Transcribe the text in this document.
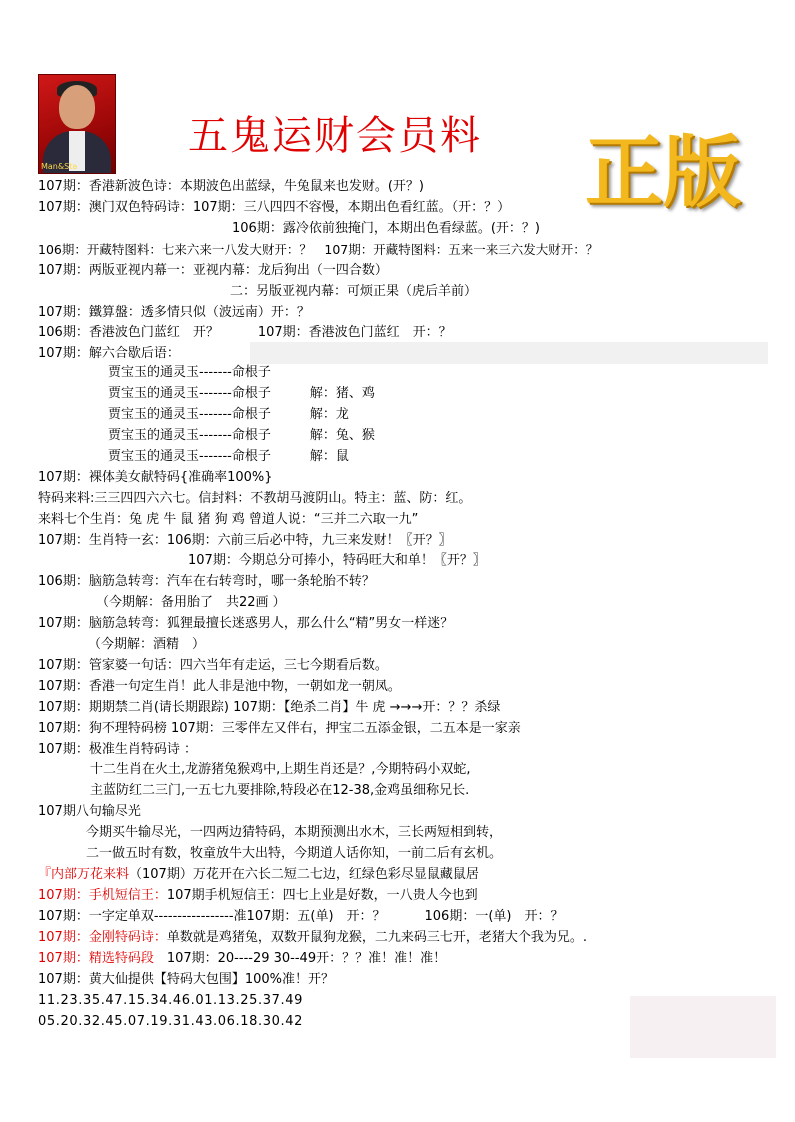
Man&Sta
五鬼运财会员料 正版
107期：香港新波色诗：本期波色出蓝绿，牛兔鼠来也发财。(开？)
107期：澳门双色特码诗：107期：三八四四不容慢，本期出色看红蓝。（开：？）
106期：露冷依前独掩门，本期出色看绿蓝。(开：？)
106期：开藏特图料：七来六来一八发大财开：？　107期：开藏特图料：五来一来三六发大财开：？
107期：两版亚视内幕一：亚视内幕：龙后狗出（一四合数）
二：另版亚视内幕：可烦正果（虎后羊前）
107期：鐵算盤：透多情只似（波远南）开：？
106期：香港波色门蓝红　开？　　　107期：香港波色门蓝红　开：？
107期：解六合歇后语：
贾宝玉的通灵玉-------命根子
贾宝玉的通灵玉-------命根子　　　解：猪、鸡
贾宝玉的通灵玉-------命根子　　　解：龙
贾宝玉的通灵玉-------命根子　　　解：兔、猴
贾宝玉的通灵玉-------命根子　　　解：鼠
107期：裸体美女献特码{准确率100%}
特码来料:三三四四六六七。信封料：不教胡马渡阴山。特主：蓝、防：红。
来料七个生肖：兔 虎 牛 鼠 猪 狗 鸡 曾道人说：“三并二六取一九”
107期：生肖特一玄：106期：六前三后必中特，九三来发财！〖开？〗
107期：今期总分可捧小，特码旺大和单！〖开？〗
106期：脑筋急转弯：汽车在右转弯时，哪一条轮胎不转？
（今期解：备用胎了　共22画 ）
107期：脑筋急转弯：狐狸最擅长迷惑男人，那么什么“精”男女一样迷？
（今期解：酒精　）
107期：管家婆一句话：四六当年有走运，三七今期看后数。
107期：香港一句定生肖！此人非是池中物，一朝如龙一朝凤。
107期：期期禁二肖(请长期跟踪) 107期：【绝杀二肖】牛 虎 →→→开：？？杀绿
107期：狗不理特码榜 107期：三零伴左又伴右，押宝二五添金银，二五本是一家亲
107期：极准生肖特码诗 ：
十二生肖在火土,龙游猪兔猴鸡中,上期生肖还是？,今期特码小双蛇,
主蓝防红二三门,一五七九要排除,特段必在12-38,金鸡虽细称兄长.
107期八句输尽光
今期买牛输尽光，一四两边猜特码，本期预测出水木，三长两短相到转，
二一做五时有数，牧童放牛大出特，今期道人话你知，一前二后有玄机。
『内部万花来料（107期）万花开在六长二短二七边，红绿色彩尽显鼠藏鼠居
107期：手机短信王：107期手机短信王：四七上业是好数，一八贵人今也到
107期：一字定单双-----------------准107期：五(单)　开：？　　　106期：一(单)　开：？
107期：金刚特码诗：单数就是鸡猪兔，双数开鼠狗龙猴，二九来码三七开，老猪大个我为兄。.
107期：精选特码段　107期：20----29 30--49开：？？准！准！准！
107期：黄大仙提供【特码大包围】100%准！开？
11.23.35.47.15.34.46.01.13.25.37.49
05.20.32.45.07.19.31.43.06.18.30.42
